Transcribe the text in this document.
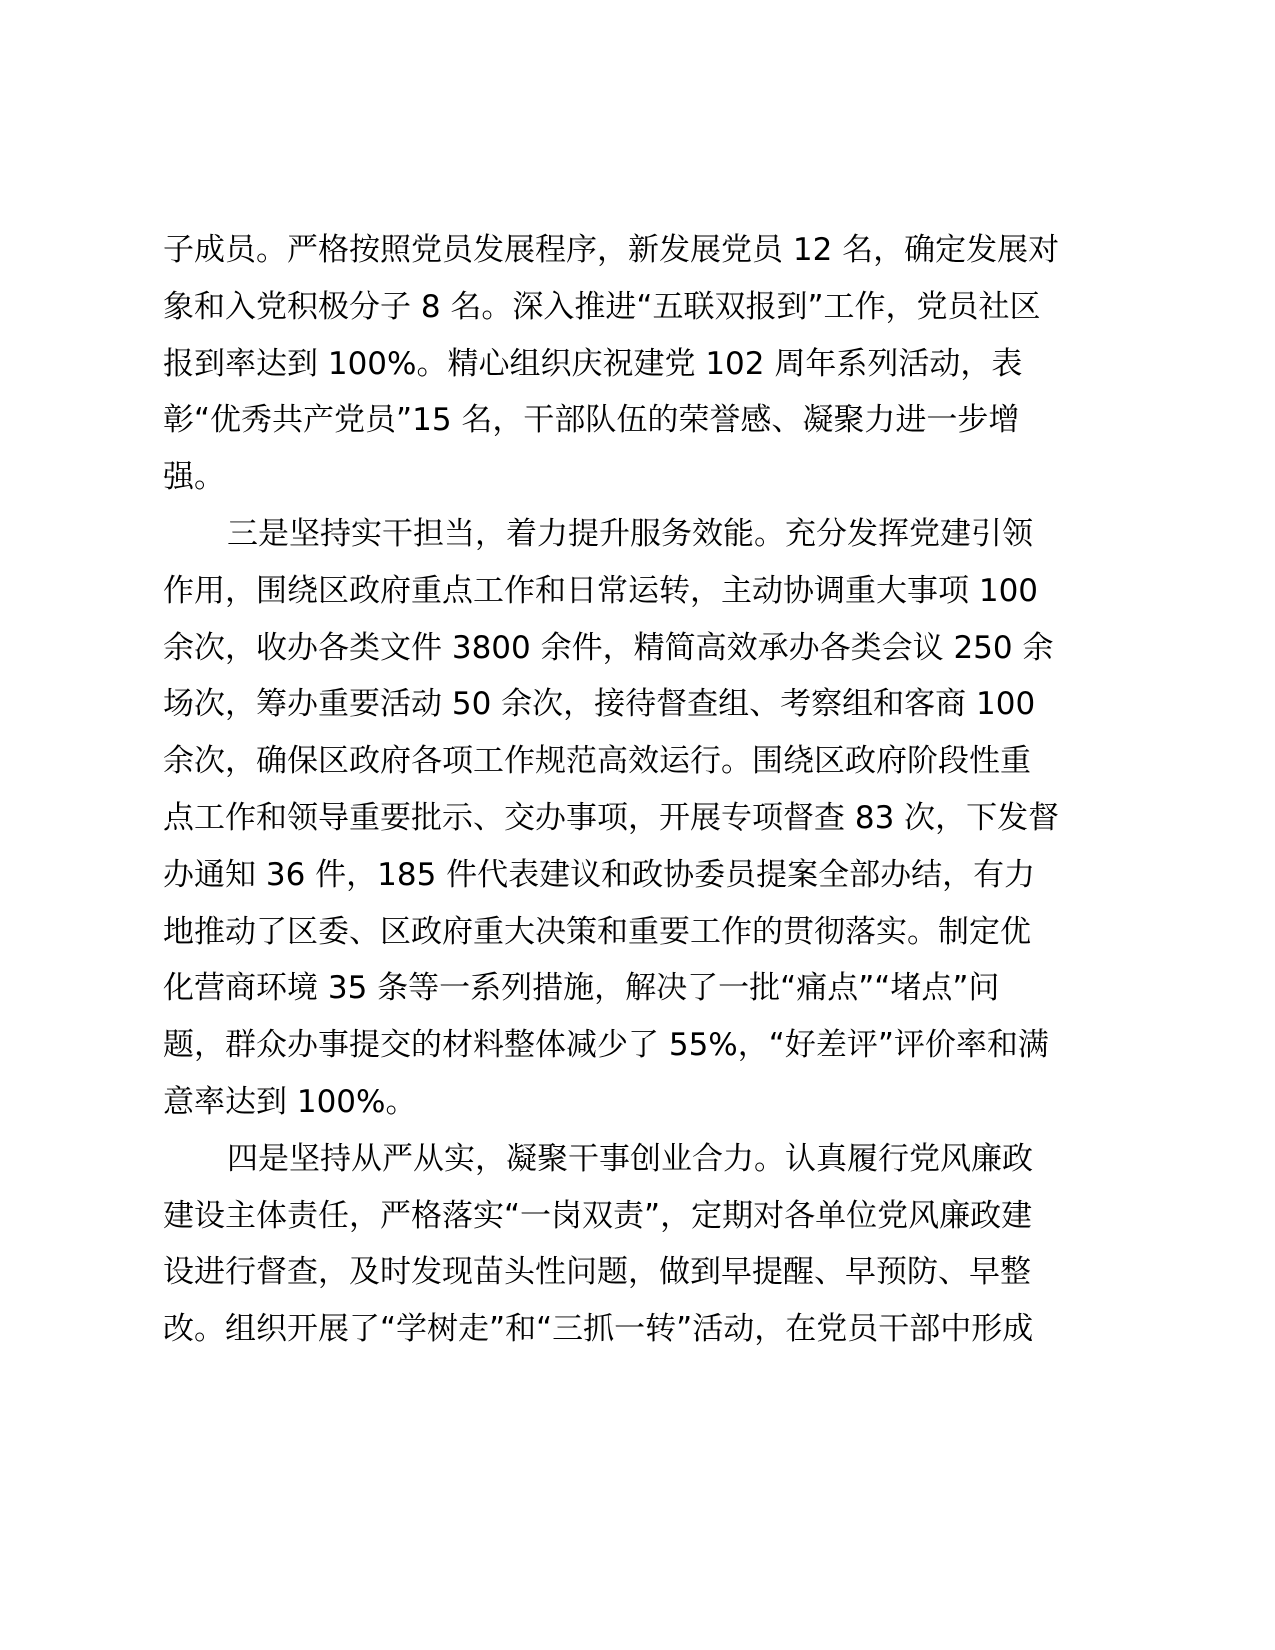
子成员。严格按照党员发展程序，新发展党员 12 名，确定发展对
象和入党积极分子 8 名。深入推进“五联双报到”工作，党员社区
报到率达到 100%。精心组织庆祝建党 102 周年系列活动，表
彰“优秀共产党员”15 名，干部队伍的荣誉感、凝聚力进一步增
强。
三是坚持实干担当，着力提升服务效能。充分发挥党建引领
作用，围绕区政府重点工作和日常运转，主动协调重大事项 100
余次，收办各类文件 3800 余件，精简高效承办各类会议 250 余
场次，筹办重要活动 50 余次，接待督查组、考察组和客商 100
余次，确保区政府各项工作规范高效运行。围绕区政府阶段性重
点工作和领导重要批示、交办事项，开展专项督查 83 次，下发督
办通知 36 件，185 件代表建议和政协委员提案全部办结，有力
地推动了区委、区政府重大决策和重要工作的贯彻落实。制定优
化营商环境 35 条等一系列措施，解决了一批“痛点”“堵点”问
题，群众办事提交的材料整体减少了 55%，“好差评”评价率和满
意率达到 100%。
四是坚持从严从实，凝聚干事创业合力。认真履行党风廉政
建设主体责任，严格落实“一岗双责”，定期对各单位党风廉政建
设进行督查，及时发现苗头性问题，做到早提醒、早预防、早整
改。组织开展了“学树走”和“三抓一转”活动，在党员干部中形成
